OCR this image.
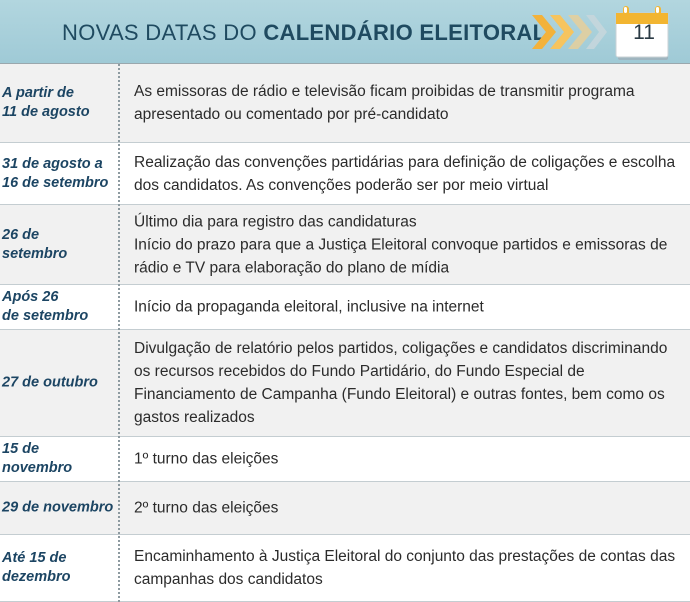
NOVAS DATAS DO CALENDÁRIO ELEITORAL	11
A partir de
11 de agosto
As emissoras de rádio e televisão ficam proibidas de transmitir programa apresentado ou comentado por pré-candidato
31 de agosto a
16 de setembro
Realização das convenções partidárias para definição de coligações e escolha dos candidatos. As convenções poderão ser por meio virtual
26 de
setembro
Último dia para registro das candidaturas
Início do prazo para que a Justiça Eleitoral convoque partidos e emissoras de rádio e TV para elaboração do plano de mídia
Após 26
de setembro
Início da propaganda eleitoral, inclusive na internet
27 de outubro
Divulgação de relatório pelos partidos, coligações e candidatos discriminando os recursos recebidos do Fundo Partidário, do Fundo Especial de Financiamento de Campanha (Fundo Eleitoral) e outras fontes, bem como os gastos realizados
15 de
novembro
1º turno das eleições
29 de novembro 2º turno das eleições
Até 15 de
dezembro
Encaminhamento à Justiça Eleitoral do conjunto das prestações de contas das campanhas dos candidatos
